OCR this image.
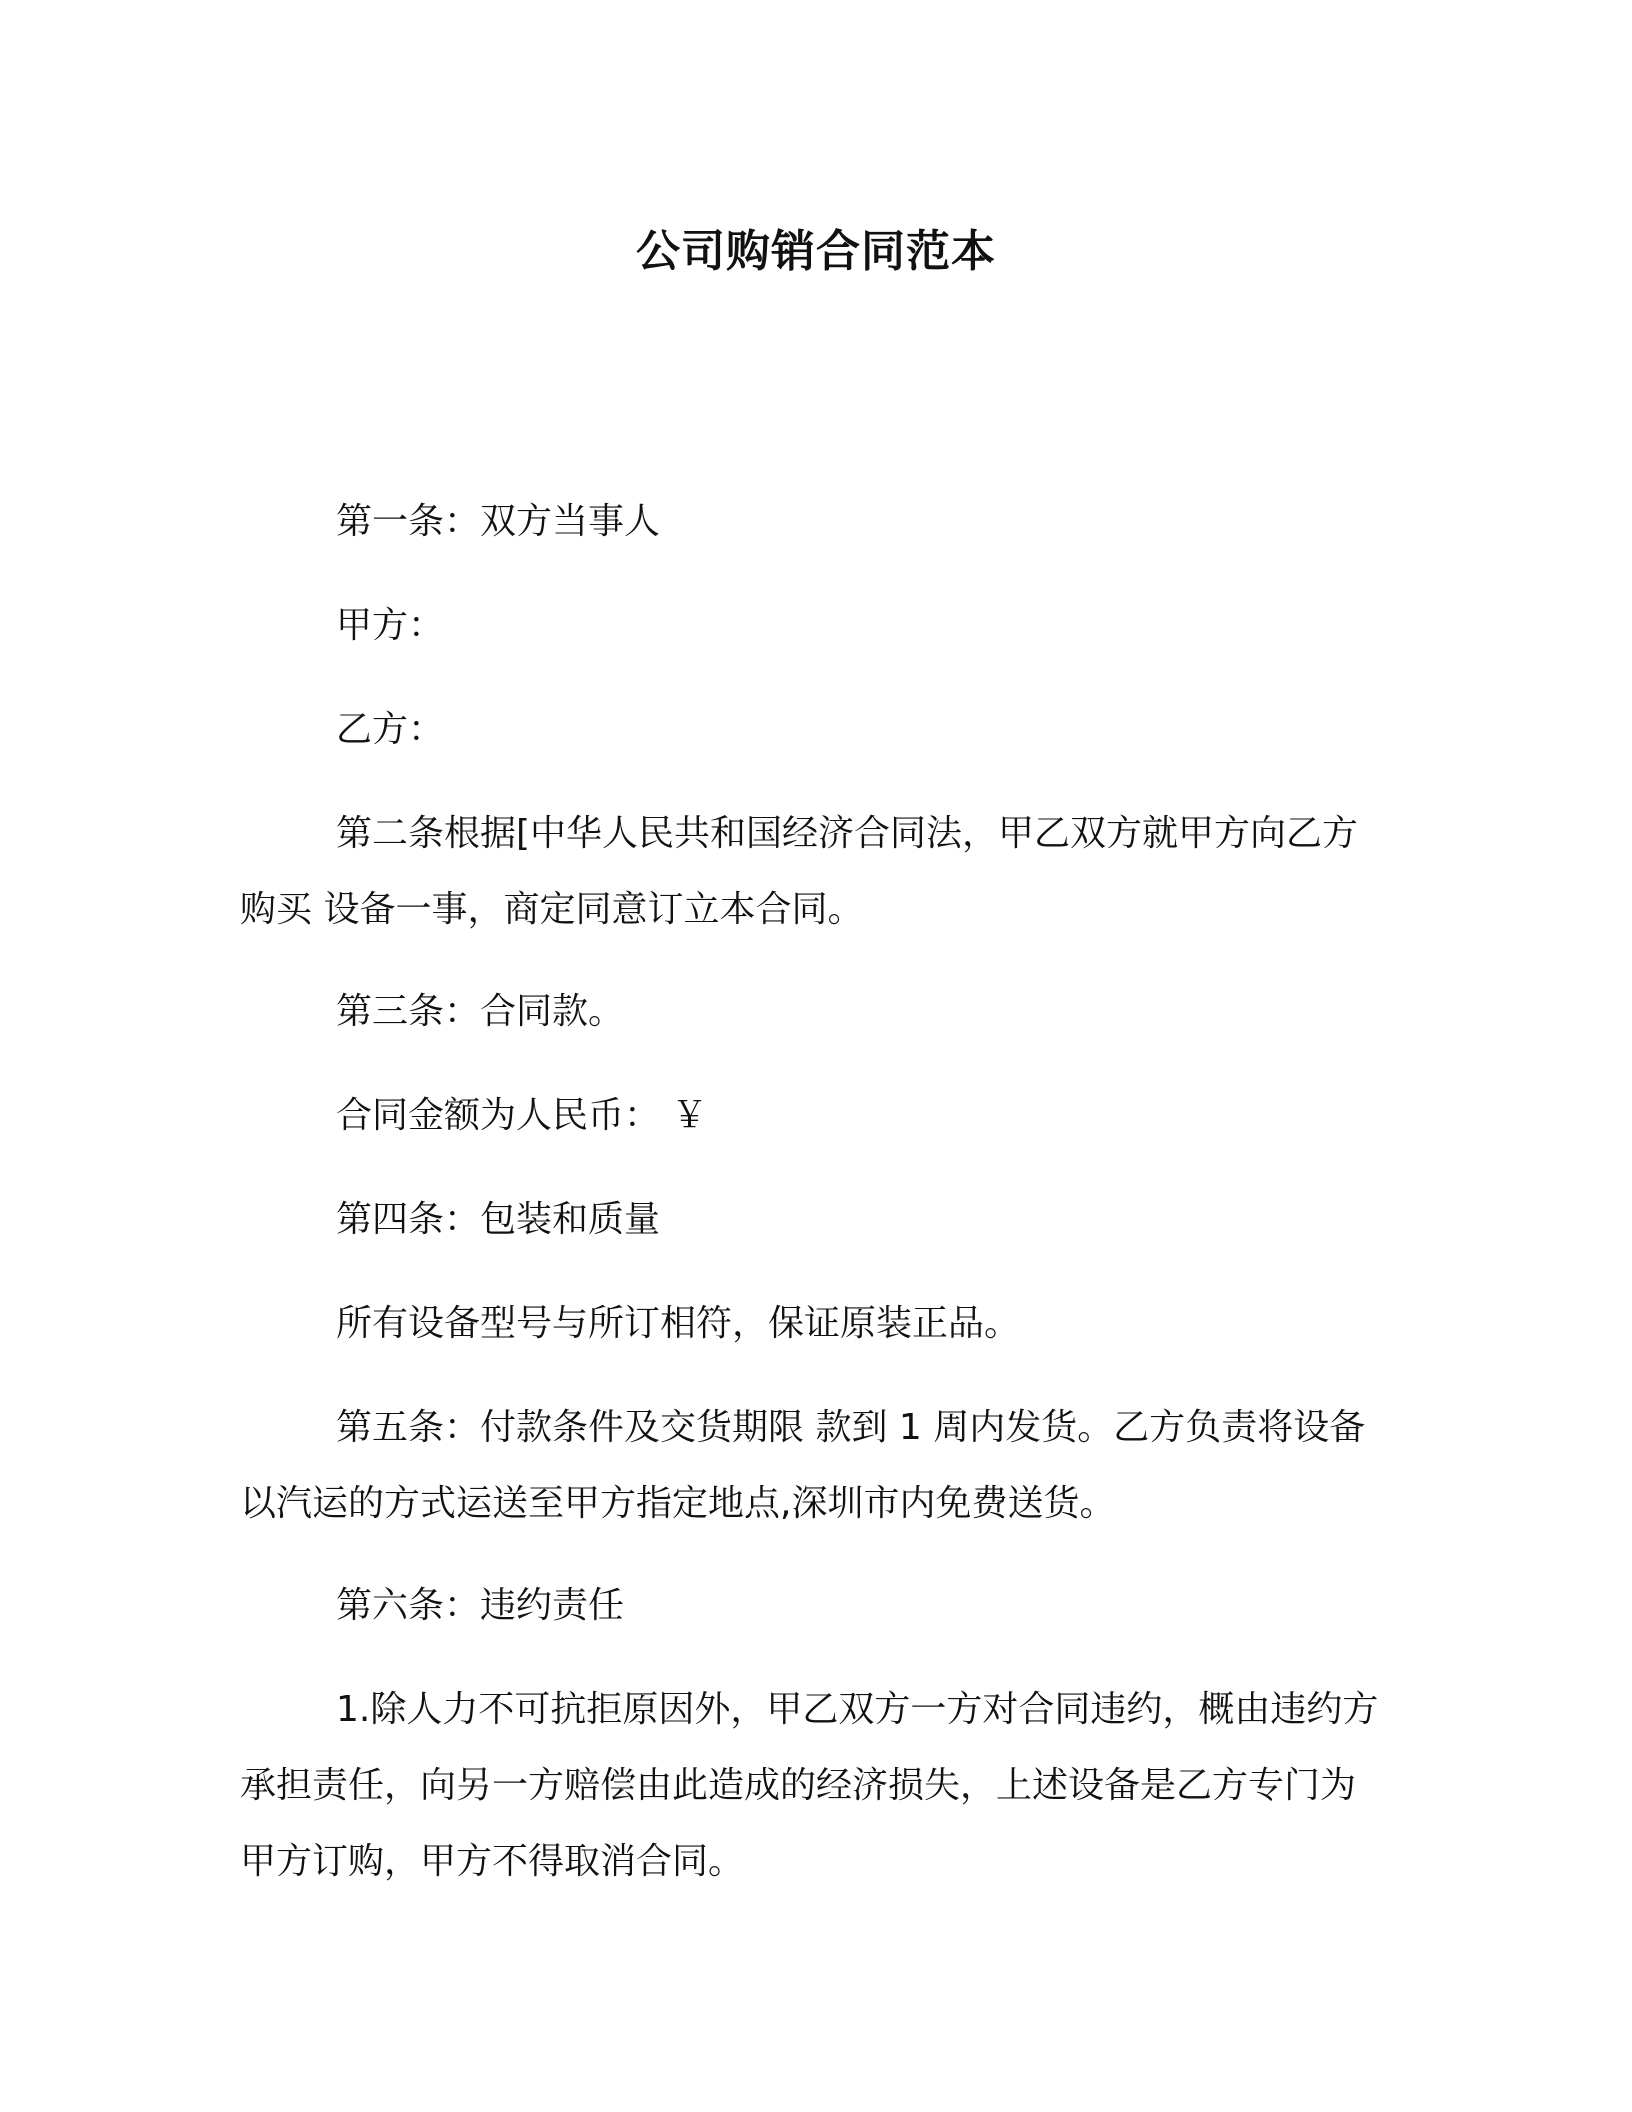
公司购销合同范本

第一条：双方当事人

甲方：

乙方：

第二条根据[中华人民共和国经济合同法，甲乙双方就甲方向乙方购买 设备一事，商定同意订立本合同。

第三条：合同款。

合同金额为人民币： ￥

第四条：包装和质量

所有设备型号与所订相符，保证原装正品。

第五条：付款条件及交货期限 款到 1 周内发货。乙方负责将设备以汽运的方式运送至甲方指定地点,深圳市内免费送货。

第六条：违约责任

1.除人力不可抗拒原因外，甲乙双方一方对合同违约，概由违约方承担责任，向另一方赔偿由此造成的经济损失，上述设备是乙方专门为甲方订购，甲方不得取消合同。
